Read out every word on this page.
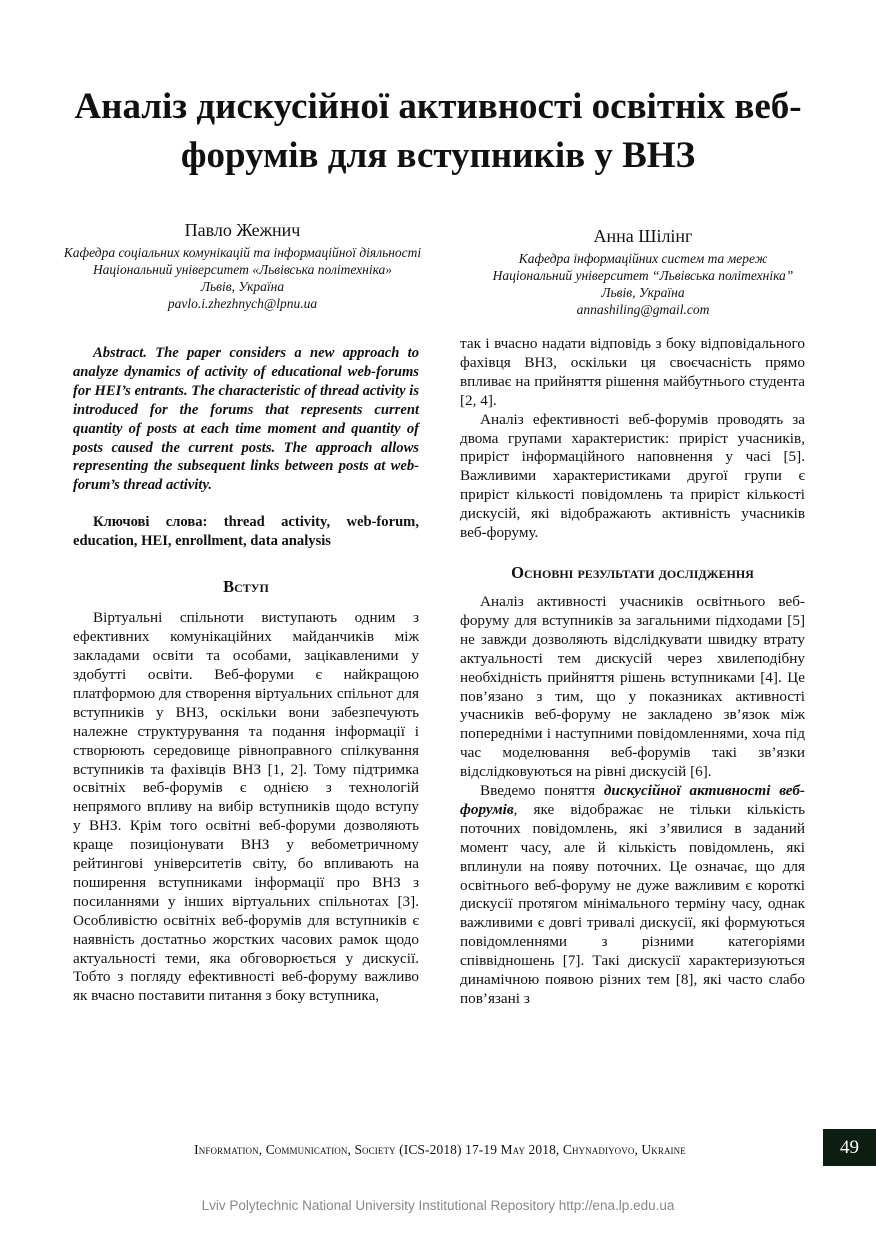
Аналіз дискусійної активності освітніх веб-
форумів для вступників у ВНЗ
Павло Жежнич
Кафедра соціальних комунікацій та інформаційної діяльності
Національний університет «Львівська політехніка»
Львів, Україна
pavlo.i.zhezhnych@lpnu.ua
Анна Шілінг
Кафедра інформаційних систем та мереж
Національний університет “Львівська політехніка”
Львів, Україна
annashiling@gmail.com

Abstract. The paper considers a new approach to analyze dynamics of activity of educational web-forums for HEI’s entrants. The characteristic of thread activity is introduced for the forums that represents current quantity of posts at each time moment and quantity of posts caused the current posts. The approach allows representing the subsequent links between posts at web-forum’s thread activity.

Ключові слова: thread activity, web-forum, education, HEI, enrollment, data analysis

Вступ

Віртуальні спільноти виступають одним з ефективних комунікаційних майданчиків між закладами освіти та особами, зацікавленими у здобутті освіти. Веб-форуми є найкращою платформою для створення віртуальних спільнот для вступників у ВНЗ, оскільки вони забезпечують належне структурування та подання інформації і створюють середовище рівноправного спілкування вступників та фахівців ВНЗ [1, 2]. Тому підтримка освітніх веб-форумів є однією з технологій непрямого впливу на вибір вступників щодо вступу у ВНЗ. Крім того освітні веб-форуми дозволяють краще позиціонувати ВНЗ у вебометричному рейтингові університетів світу, бо впливають на поширення вступниками інформації про ВНЗ з посиланнями у інших віртуальних спільнотах [3]. Особливістю освітніх веб-форумів для вступників є наявність достатньо жорстких часових рамок щодо актуальності теми, яка обговорюється у дискусії. Тобто з погляду ефективності веб-форуму важливо як вчасно поставити питання з боку вступника,

так і вчасно надати відповідь з боку відповідального фахівця ВНЗ, оскільки ця своєчасність прямо впливає на прийняття рішення майбутнього студента [2, 4].

Аналіз ефективності веб-форумів проводять за двома групами характеристик: приріст учасників, приріст інформаційного наповнення у часі [5]. Важливими характеристиками другої групи є приріст кількості повідомлень та приріст кількості дискусій, які відображають активність учасників веб-форуму.

Основні результати дослідження

Аналіз активності учасників освітнього веб-форуму для вступників за загальними підходами [5] не завжди дозволяють відслідкувати швидку втрату актуальності тем дискусій через хвилеподібну необхідність прийняття рішень вступниками [4]. Це пов’язано з тим, що у показниках активності учасників веб-форуму не закладено зв’язок між попередніми і наступними повідомленнями, хоча під час моделювання веб-форумів такі зв’язки відслідковуються на рівні дискусій [6].

Введемо поняття дискусійної активності веб-форумів, яке відображає не тільки кількість поточних повідомлень, які з’явилися в заданий момент часу, але й кількість повідомлень, які вплинули на появу поточних. Це означає, що для освітнього веб-форуму не дуже важливим є короткі дискусії протягом мінімального терміну часу, однак важливими є довгі тривалі дискусії, які формуються повідомленнями з різними категоріями співвідношень [7]. Такі дискусії характеризуються динамічною появою різних тем [8], які часто слабо пов’язані з

Information, Communication, Society (ICS-2018) 17-19 May 2018, Chynadiyovo, Ukraine	49
Lviv Polytechnic National University Institutional Repository http://ena.lp.edu.ua
